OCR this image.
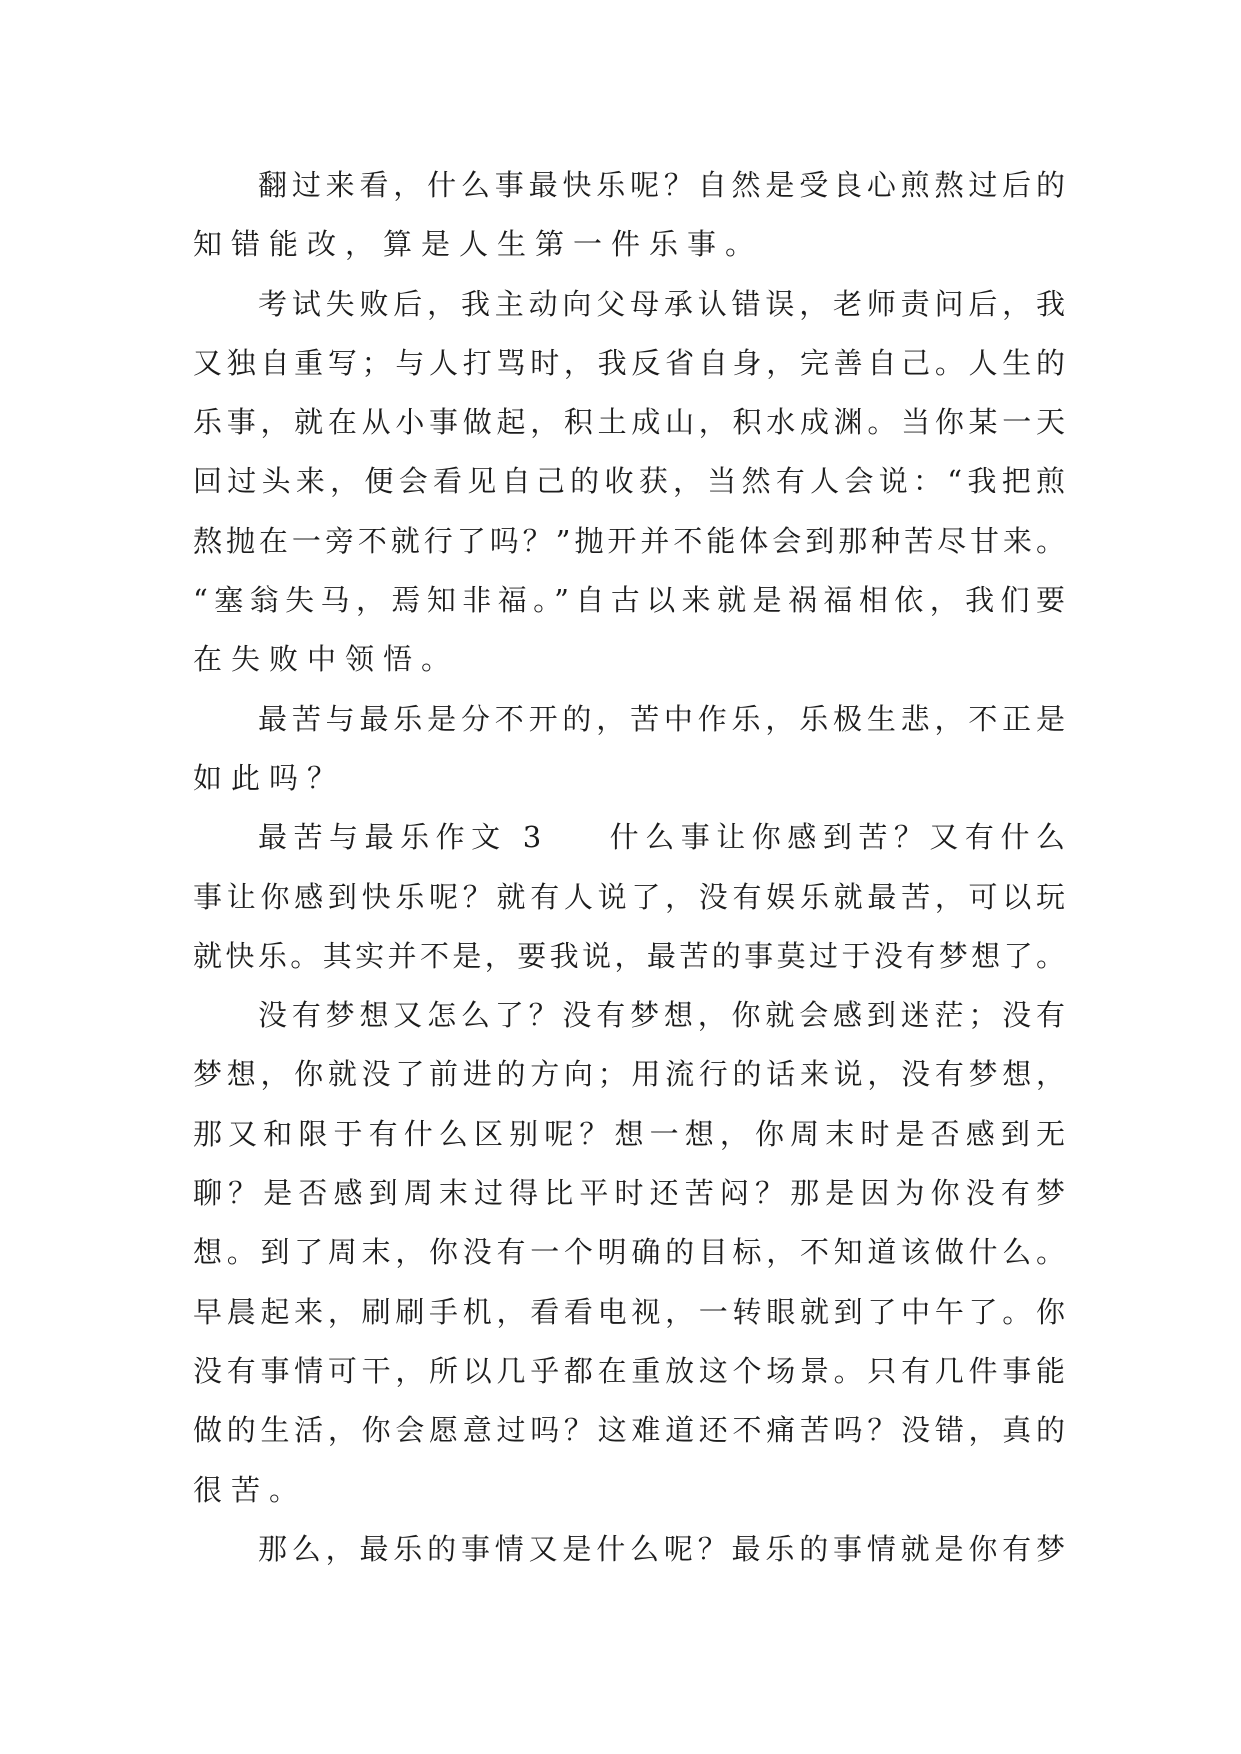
翻过来看，什么事最快乐呢？自然是受良心煎熬过后的
知错能改，算是人生第一件乐事。
考试失败后，我主动向父母承认错误，老师责问后，我
又独自重写；与人打骂时，我反省自身，完善自己。人生的
乐事，就在从小事做起，积土成山，积水成渊。当你某一天
回过头来，便会看见自己的收获，当然有人会说：“我把煎
熬抛在一旁不就行了吗？”抛开并不能体会到那种苦尽甘来。
“塞翁失马，焉知非福。”自古以来就是祸福相依，我们要
在失败中领悟。
最苦与最乐是分不开的，苦中作乐，乐极生悲，不正是
如此吗？
最苦与最乐作文 3 什么事让你感到苦？又有什么
事让你感到快乐呢？就有人说了，没有娱乐就最苦，可以玩
就快乐。其实并不是，要我说，最苦的事莫过于没有梦想了。
没有梦想又怎么了？没有梦想，你就会感到迷茫；没有
梦想，你就没了前进的方向；用流行的话来说，没有梦想，
那又和限于有什么区别呢？想一想，你周末时是否感到无
聊？是否感到周末过得比平时还苦闷？那是因为你没有梦
想。到了周末，你没有一个明确的目标，不知道该做什么。
早晨起来，刷刷手机，看看电视，一转眼就到了中午了。你
没有事情可干，所以几乎都在重放这个场景。只有几件事能
做的生活，你会愿意过吗？这难道还不痛苦吗？没错，真的
很苦。
那么，最乐的事情又是什么呢？最乐的事情就是你有梦
